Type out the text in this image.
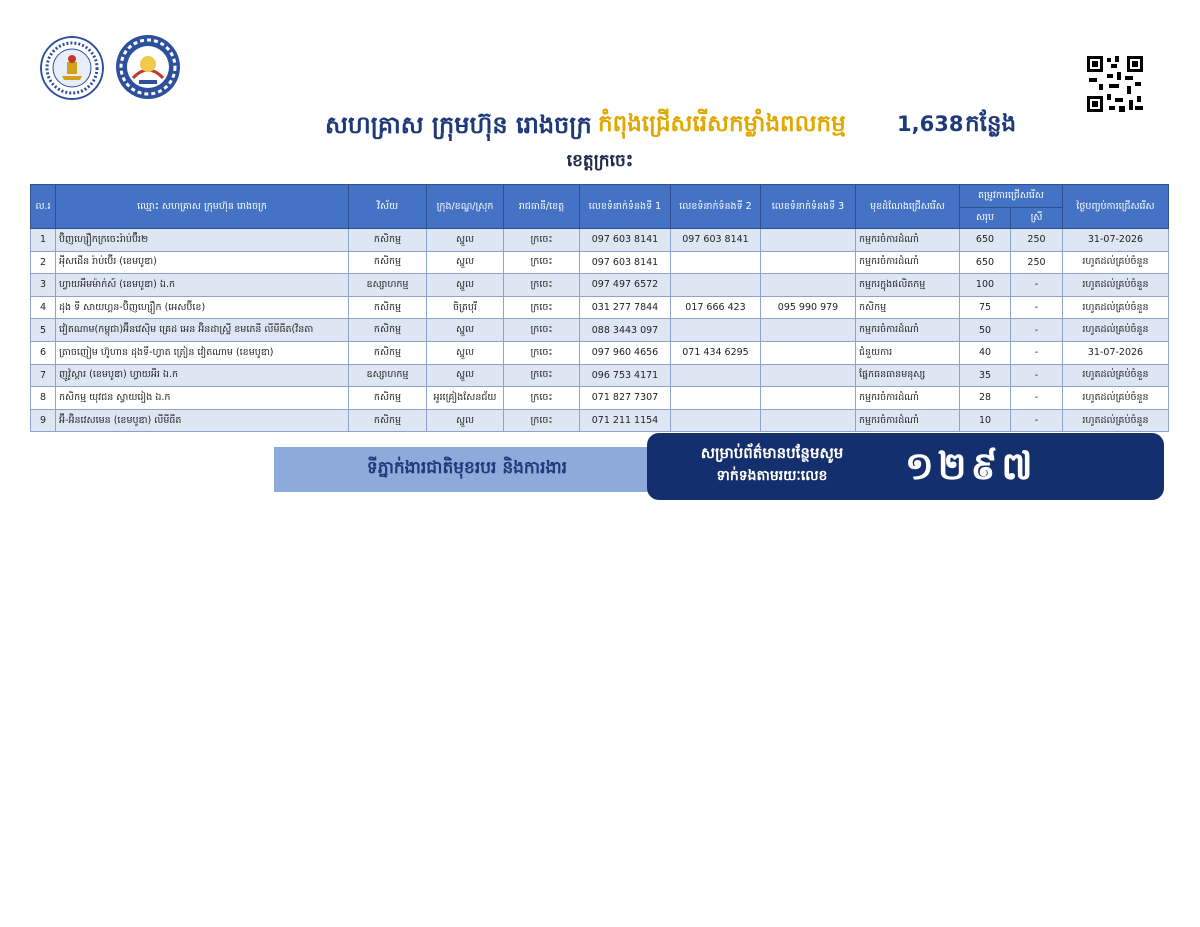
សហគ្រាស ក្រុមហ៊ុន រោងចក្រ កំពុងជ្រើសរើសកម្លាំងពលកម្ម 1,638 កន្លែង
ខេត្តក្រចេះ
ល.រ	ឈ្មោះ សហគ្រាស ក្រុមហ៊ុន រោងចក្រ	វិស័យ	ក្រុង/ខណ្ឌ/ស្រុក	រាជធានី/ខេត្ត	លេខទំនាក់ទំនងទី 1	លេខទំនាក់ទំនងទី 2	លេខទំនាក់ទំនងទី 3	មុខដំណែងជ្រើសរើស	តម្រូវការជ្រើសរើស		ថ្ងៃបញ្ចប់ការជ្រើសរើស
									សរុប	ស្រី	
1	ប៊ិញហ្សឿកក្រចេះរ៉ាប់ប៊ឺរ២	កសិកម្ម	ស្នួល	ក្រចេះ	097 603 8141	097 603 8141		កម្មករចំការដំណាំ	650	250	31-07-2026
2	អុីសដើន រ៉ាប់ប៊ើរ (ខេមបូឌា)	កសិកម្ម	ស្នួល	ក្រចេះ	097 603 8141			កម្មករចំការដំណាំ	650	250	រហូតដល់គ្រប់ចំនួន
3	ហ្វាយអឹមម៉ាក់ស៍ (ខេមបូឌា) ឯ.ក	ឧស្សាហកម្ម	ស្នួល	ក្រចេះ	097 497 6572			កម្មករក្នុងផលិតកម្ម	100	-	រហូតដល់គ្រប់ចំនួន
4	ដុង ទី សាយហ្គន-ប៊ិញហ្សឿក (អេសប៊ីខេ)	កសិកម្ម	ចិត្របុរី	ក្រចេះ	031 277 7844	017 666 423	095 990 979	កសិកម្ម	75	-	រហូតដល់គ្រប់ចំនួន
5	វៀតណាម(កម្ពុជា)អ៊ីនវេស៊ិម គ្រេដ អេន អ៊ិនដាស្ទ្រី ខមភេនី លីមីធីត(វិនតា	កសិកម្ម	ស្នួល	ក្រចេះ	088 3443 097			កម្មករចំការដំណាំ	50	-	រហូតដល់គ្រប់ចំនួន
6	ត្រាចញៀម ហ៊ូហាន ដុងទី-ហ្វាត ត្រៀន វៀតណាម (ខេមបូឌា)	កសិកម្ម	ស្នួល	ក្រចេះ	097 960 4656	071 434 6295		ជំនួយការ	40	-	31-07-2026
7	ញូវ៉ូស្តារ (ខេមបូឌា) ហ្វាយអឹរ ឯ.ក	ឧស្សាហកម្ម	ស្នួល	ក្រចេះ	096 753 4171			ផ្នែកធនធានមនុស្ស	35	-	រហូតដល់គ្រប់ចំនួន
8	កសិកម្ម យុវជន ស្វាយរៀង ឯ.ក	កសិកម្ម	អូរគ្រៀងសែនជ័យ	ក្រចេះ	071 827 7307			កម្មករចំការដំណាំ	28	-	រហូតដល់គ្រប់ចំនួន
9	អ៊ី-អ៊ិនវេសមេន (ខេមបូឌា) លីមីធីត	កសិកម្ម	ស្នួល	ក្រចេះ	071 211 1154			កម្មករចំការដំណាំ	10	-	រហូតដល់គ្រប់ចំនួន
ទីភ្នាក់ងារជាតិមុខរបរ និងការងារ
សម្រាប់ព័ត៌មានបន្ថែមសូម
ទាក់ទងតាមរយៈលេខ	១២៩៧
